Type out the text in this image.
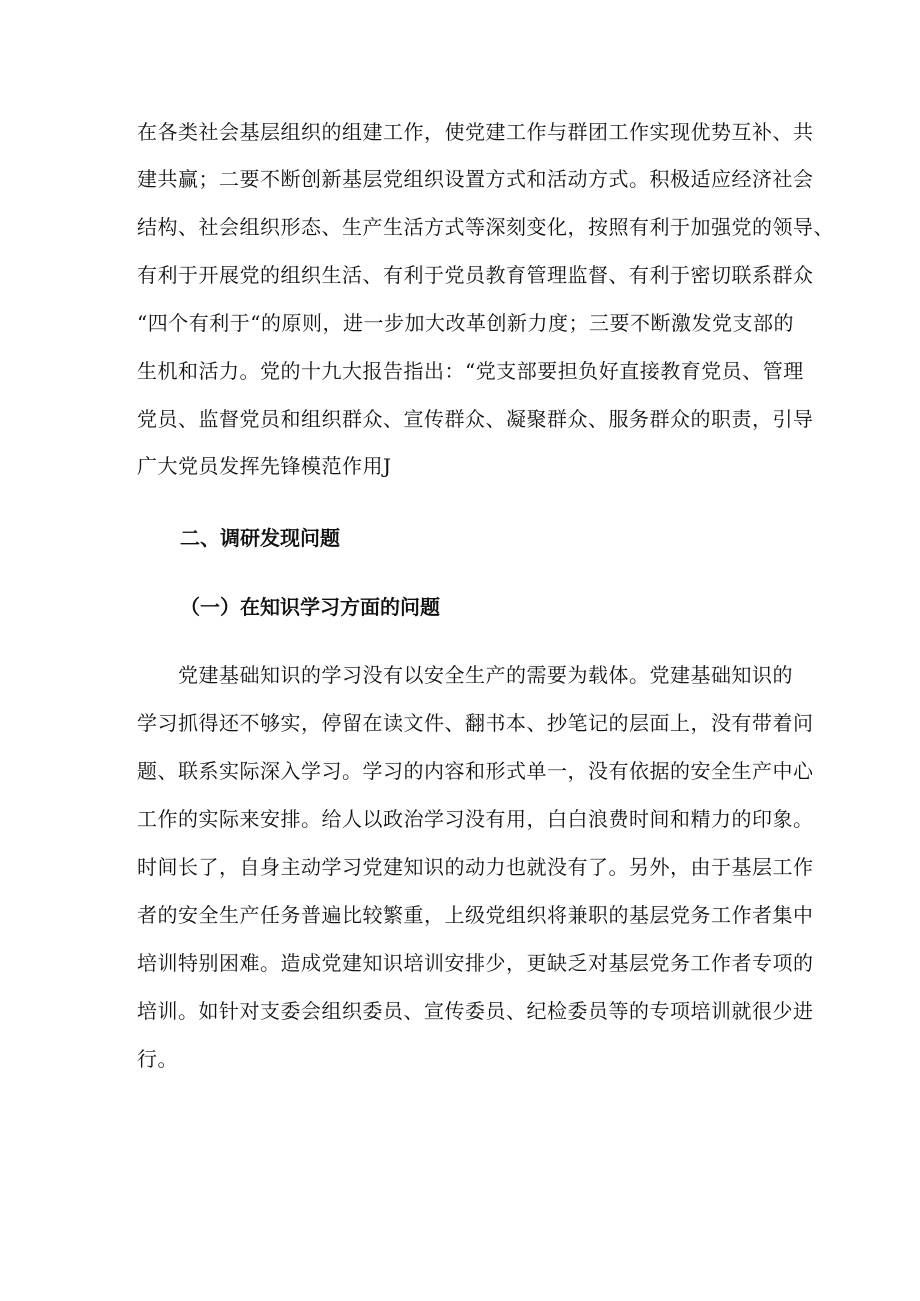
在各类社会基层组织的组建工作，使党建工作与群团工作实现优势互补、共
建共赢；二要不断创新基层党组织设置方式和活动方式。积极适应经济社会
结构、社会组织形态、生产生活方式等深刻变化，按照有利于加强党的领导、
有利于开展党的组织生活、有利于党员教育管理监督、有利于密切联系群众
“四个有利于“的原则，进一步加大改革创新力度；三要不断激发党支部的
生机和活力。党的十九大报告指出：“党支部要担负好直接教育党员、管理
党员、监督党员和组织群众、宣传群众、凝聚群众、服务群众的职责，引导
广大党员发挥先锋模范作用J
二、调研发现问题
（一）在知识学习方面的问题
党建基础知识的学习没有以安全生产的需要为载体。党建基础知识的
学习抓得还不够实，停留在读文件、翻书本、抄笔记的层面上，没有带着问
题、联系实际深入学习。学习的内容和形式单一，没有依据的安全生产中心
工作的实际来安排。给人以政治学习没有用，白白浪费时间和精力的印象。
时间长了，自身主动学习党建知识的动力也就没有了。另外，由于基层工作
者的安全生产任务普遍比较繁重，上级党组织将兼职的基层党务工作者集中
培训特别困难。造成党建知识培训安排少，更缺乏对基层党务工作者专项的
培训。如针对支委会组织委员、宣传委员、纪检委员等的专项培训就很少进
行。
